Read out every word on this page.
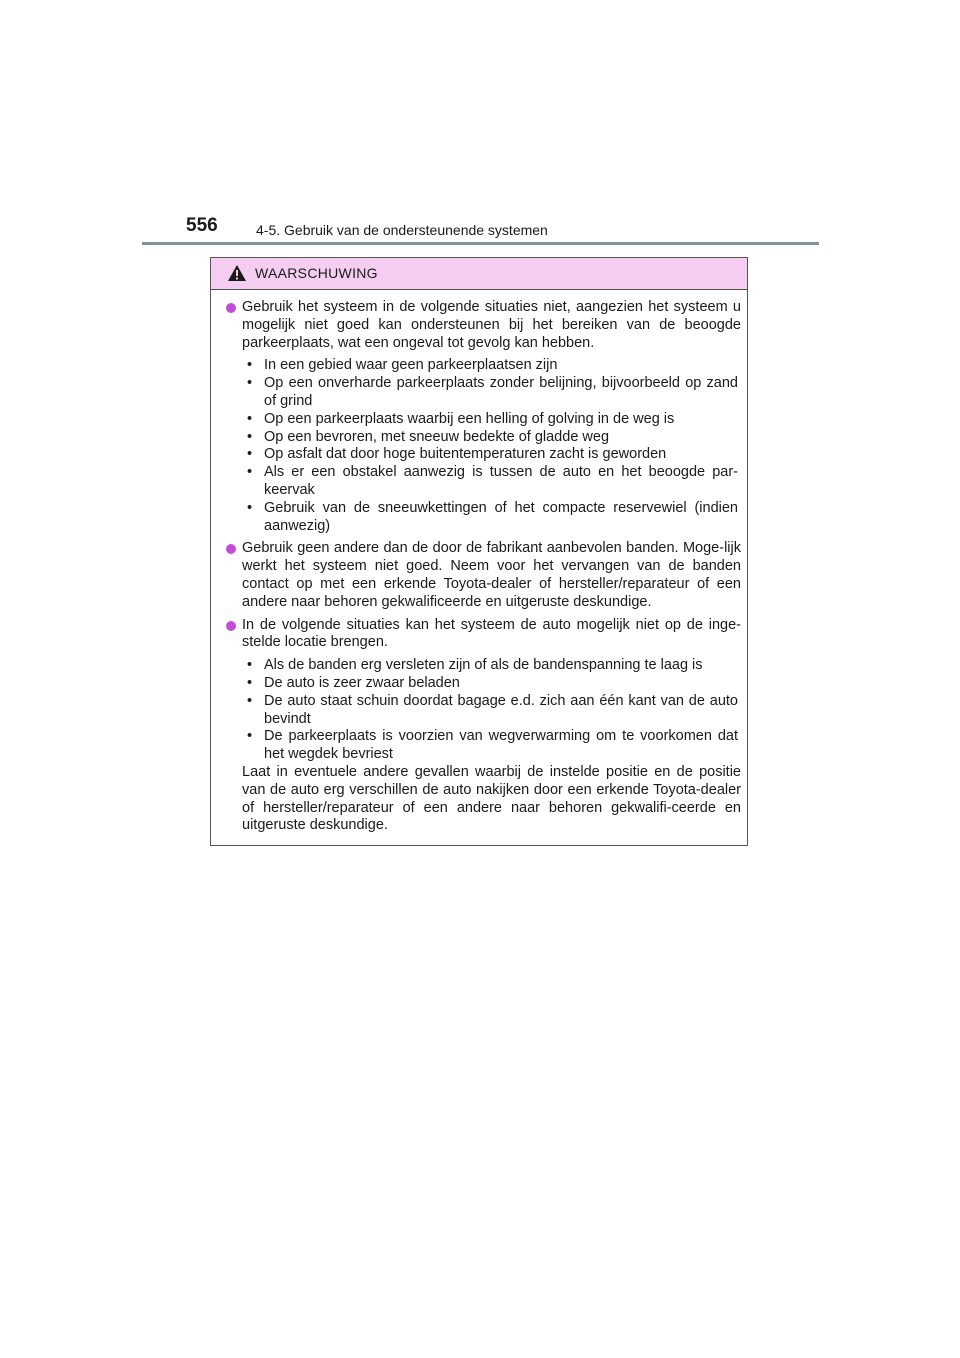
556	4-5. Gebruik van de ondersteunende systemen
WAARSCHUWING
Gebruik het systeem in de volgende situaties niet, aangezien het systeem u mogelijk niet goed kan ondersteunen bij het bereiken van de beoogde parkeerplaats, wat een ongeval tot gevolg kan hebben.
• In een gebied waar geen parkeerplaatsen zijn
• Op een onverharde parkeerplaats zonder belijning, bijvoorbeeld op zand of grind
• Op een parkeerplaats waarbij een helling of golving in de weg is
• Op een bevroren, met sneeuw bedekte of gladde weg
• Op asfalt dat door hoge buitentemperaturen zacht is geworden
• Als er een obstakel aanwezig is tussen de auto en het beoogde par-keervak
• Gebruik van de sneeuwkettingen of het compacte reservewiel (indien aanwezig)
Gebruik geen andere dan de door de fabrikant aanbevolen banden. Moge-lijk werkt het systeem niet goed. Neem voor het vervangen van de banden contact op met een erkende Toyota-dealer of hersteller/reparateur of een andere naar behoren gekwalificeerde en uitgeruste deskundige.
In de volgende situaties kan het systeem de auto mogelijk niet op de inge-stelde locatie brengen.
• Als de banden erg versleten zijn of als de bandenspanning te laag is
• De auto is zeer zwaar beladen
• De auto staat schuin doordat bagage e.d. zich aan één kant van de auto bevindt
• De parkeerplaats is voorzien van wegverwarming om te voorkomen dat het wegdek bevriest
Laat in eventuele andere gevallen waarbij de instelde positie en de positie van de auto erg verschillen de auto nakijken door een erkende Toyota-dealer of hersteller/reparateur of een andere naar behoren gekwalifi-ceerde en uitgeruste deskundige.
